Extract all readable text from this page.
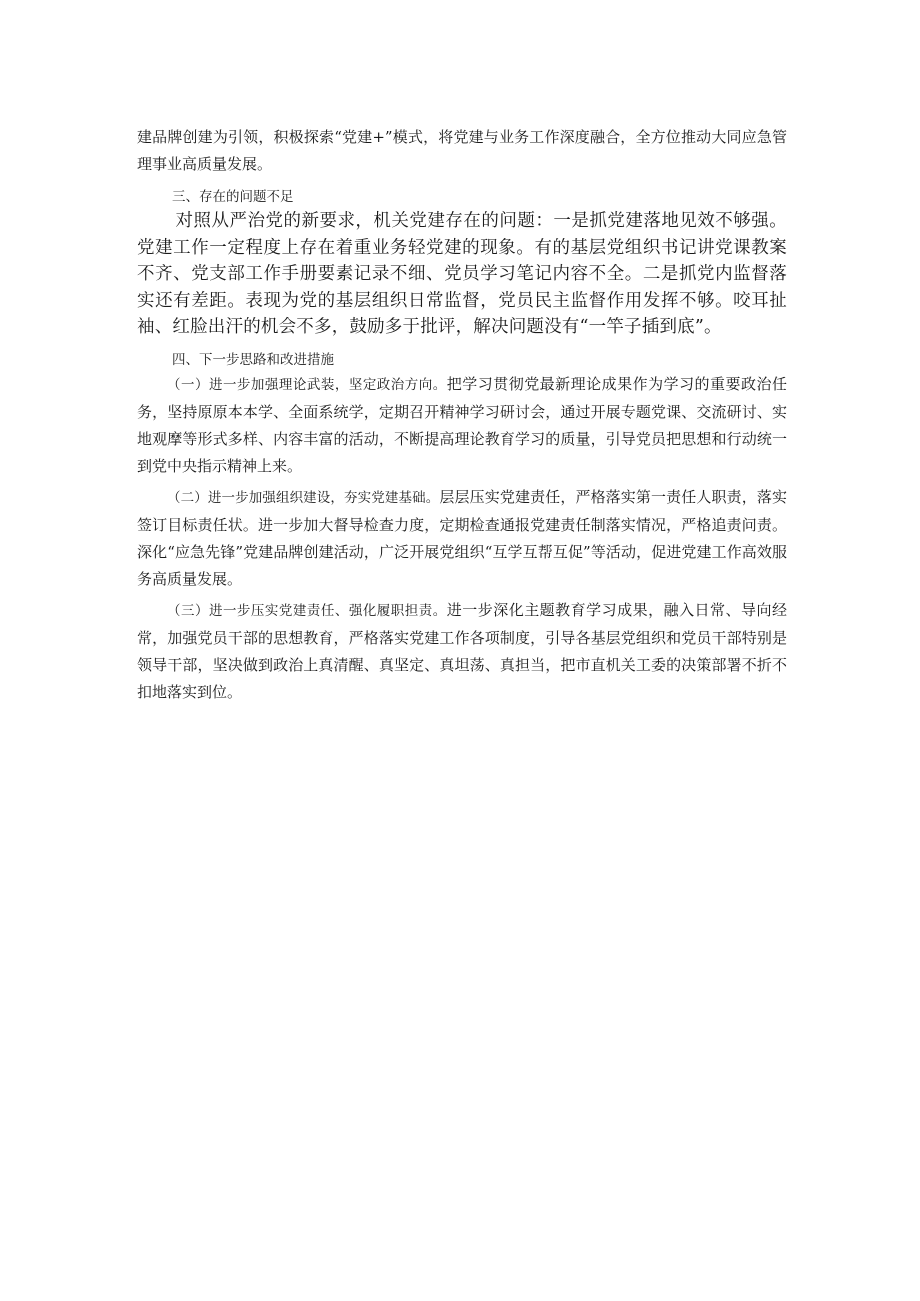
建品牌创建为引领，积极探索“党建+”模式，将党建与业务工作深度融合，全方位推动大同应急管理事业高质量发展。

三、存在的问题不足

对照从严治党的新要求，机关党建存在的问题：一是抓党建落地见效不够强。党建工作一定程度上存在着重业务轻党建的现象。有的基层党组织书记讲党课教案不齐、党支部工作手册要素记录不细、党员学习笔记内容不全。二是抓党内监督落实还有差距。表现为党的基层组织日常监督，党员民主监督作用发挥不够。咬耳扯袖、红脸出汗的机会不多，鼓励多于批评，解决问题没有“一竿子插到底”。

四、下一步思路和改进措施

（一）进一步加强理论武装，坚定政治方向。把学习贯彻党最新理论成果作为学习的重要政治任务，坚持原原本本学、全面系统学，定期召开精神学习研讨会，通过开展专题党课、交流研讨、实地观摩等形式多样、内容丰富的活动，不断提高理论教育学习的质量，引导党员把思想和行动统一到党中央指示精神上来。

（二）进一步加强组织建设，夯实党建基础。层层压实党建责任，严格落实第一责任人职责，落实签订目标责任状。进一步加大督导检查力度，定期检查通报党建责任制落实情况，严格追责问责。深化“应急先锋”党建品牌创建活动，广泛开展党组织“互学互帮互促”等活动，促进党建工作高效服务高质量发展。

（三）进一步压实党建责任、强化履职担责。进一步深化主题教育学习成果，融入日常、导向经常，加强党员干部的思想教育，严格落实党建工作各项制度，引导各基层党组织和党员干部特别是领导干部，坚决做到政治上真清醒、真坚定、真坦荡、真担当，把市直机关工委的决策部署不折不扣地落实到位。
